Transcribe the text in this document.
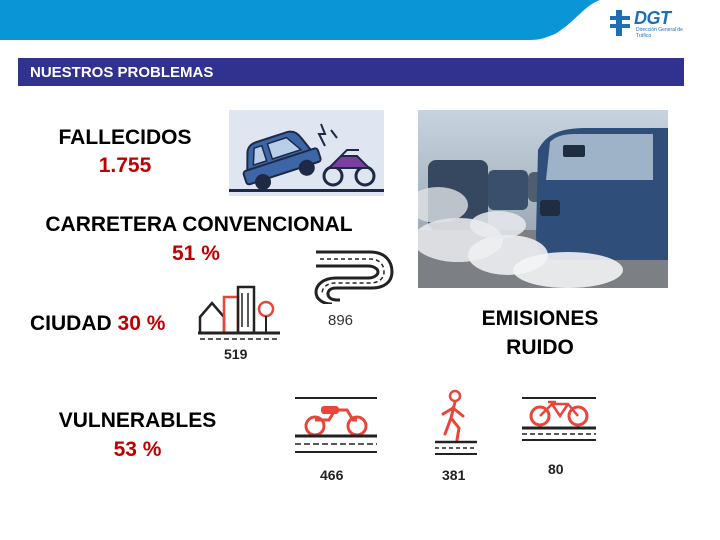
DGT
Dirección General de Tráfico
NUESTROS PROBLEMAS
FALLECIDOS
1.755
CARRETERA CONVENCIONAL
51 %
896
CIUDAD 30 %
519
EMISIONES
RUIDO
VULNERABLES
53 %
466	381	80
